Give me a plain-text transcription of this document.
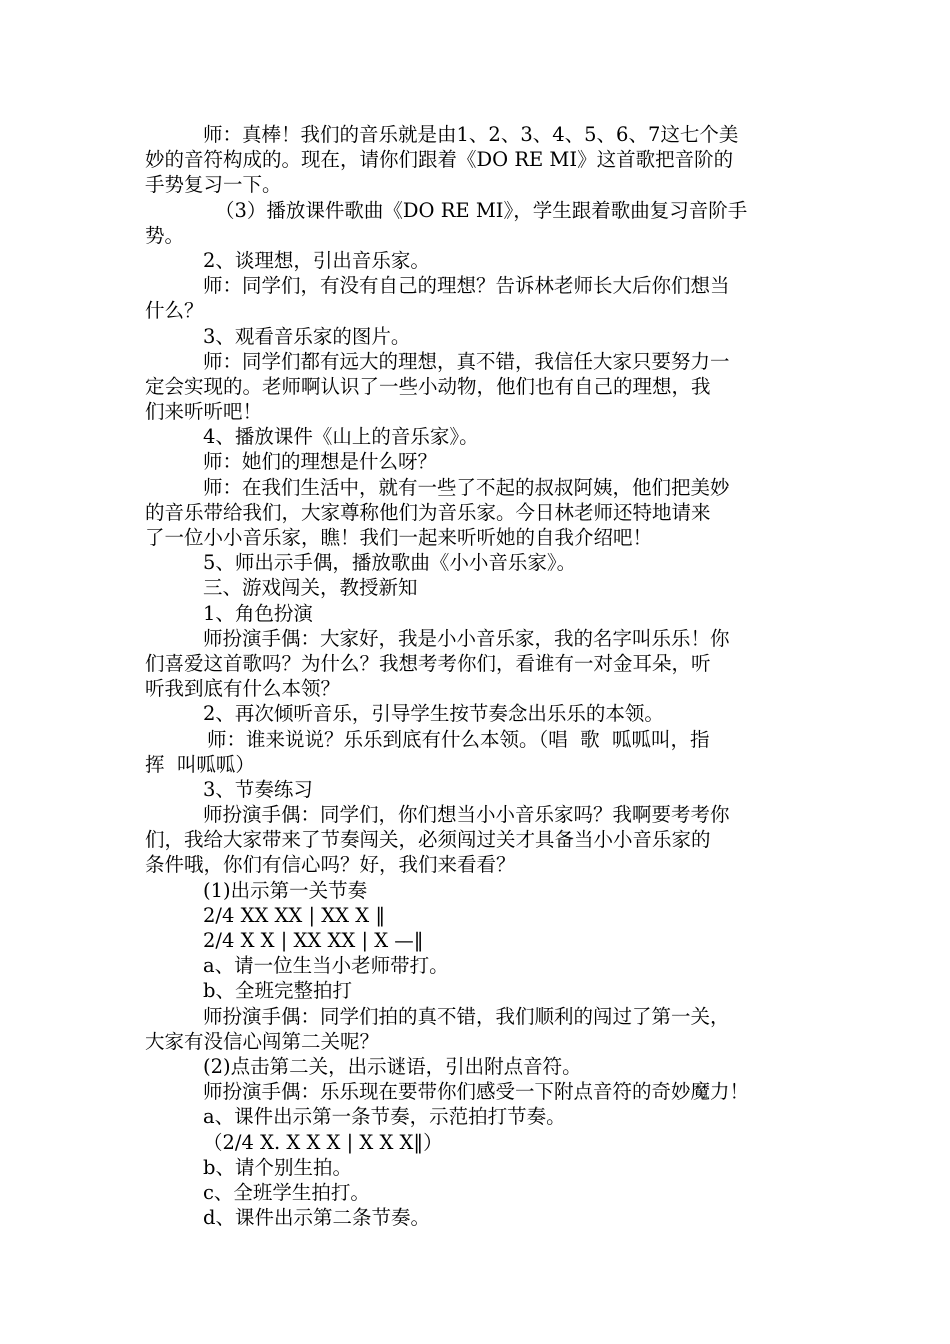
师：真棒！我们的音乐就是由1、2、3、4、5、6、7这七个美
妙的音符构成的。现在，请你们跟着《DO RE MI》这首歌把音阶的
手势复习一下。
（3）播放课件歌曲《DO RE MI》，学生跟着歌曲复习音阶手
势。
2、谈理想，引出音乐家。
师：同学们，有没有自己的理想？告诉林老师长大后你们想当
什么？
3、观看音乐家的图片。
师：同学们都有远大的理想，真不错，我信任大家只要努力一
定会实现的。老师啊认识了一些小动物，他们也有自己的理想，我
们来听听吧！
4、播放课件《山上的音乐家》。
师：她们的理想是什么呀？
师：在我们生活中，就有一些了不起的叔叔阿姨，他们把美妙
的音乐带给我们，大家尊称他们为音乐家。今日林老师还特地请来
了一位小小音乐家，瞧！我们一起来听听她的自我介绍吧！
5、师出示手偶，播放歌曲《小小音乐家》。
三、游戏闯关，教授新知
1、角色扮演
师扮演手偶：大家好，我是小小音乐家，我的名字叫乐乐！你
们喜爱这首歌吗？为什么？我想考考你们，看谁有一对金耳朵，听
听我到底有什么本领？
2、再次倾听音乐，引导学生按节奏念出乐乐的本领。
师：谁来说说？乐乐到底有什么本领。（唱  歌  呱呱叫，指
挥  叫呱呱）
3、节奏练习
师扮演手偶：同学们，你们想当小小音乐家吗？我啊要考考你
们，我给大家带来了节奏闯关，必须闯过关才具备当小小音乐家的
条件哦，你们有信心吗？好，我们来看看？
(1)出示第一关节奏
2/4 XX XX | XX X ‖
2/4 X X | XX XX | X —‖
a、请一位生当小老师带打。
b、全班完整拍打
师扮演手偶：同学们拍的真不错，我们顺利的闯过了第一关，
大家有没信心闯第二关呢？
(2)点击第二关，出示谜语，引出附点音符。
师扮演手偶：乐乐现在要带你们感受一下附点音符的奇妙魔力！
a、课件出示第一条节奏，示范拍打节奏。
（2/4 X. X X X | X X X‖）
b、请个别生拍。
c、全班学生拍打。
d、课件出示第二条节奏。
